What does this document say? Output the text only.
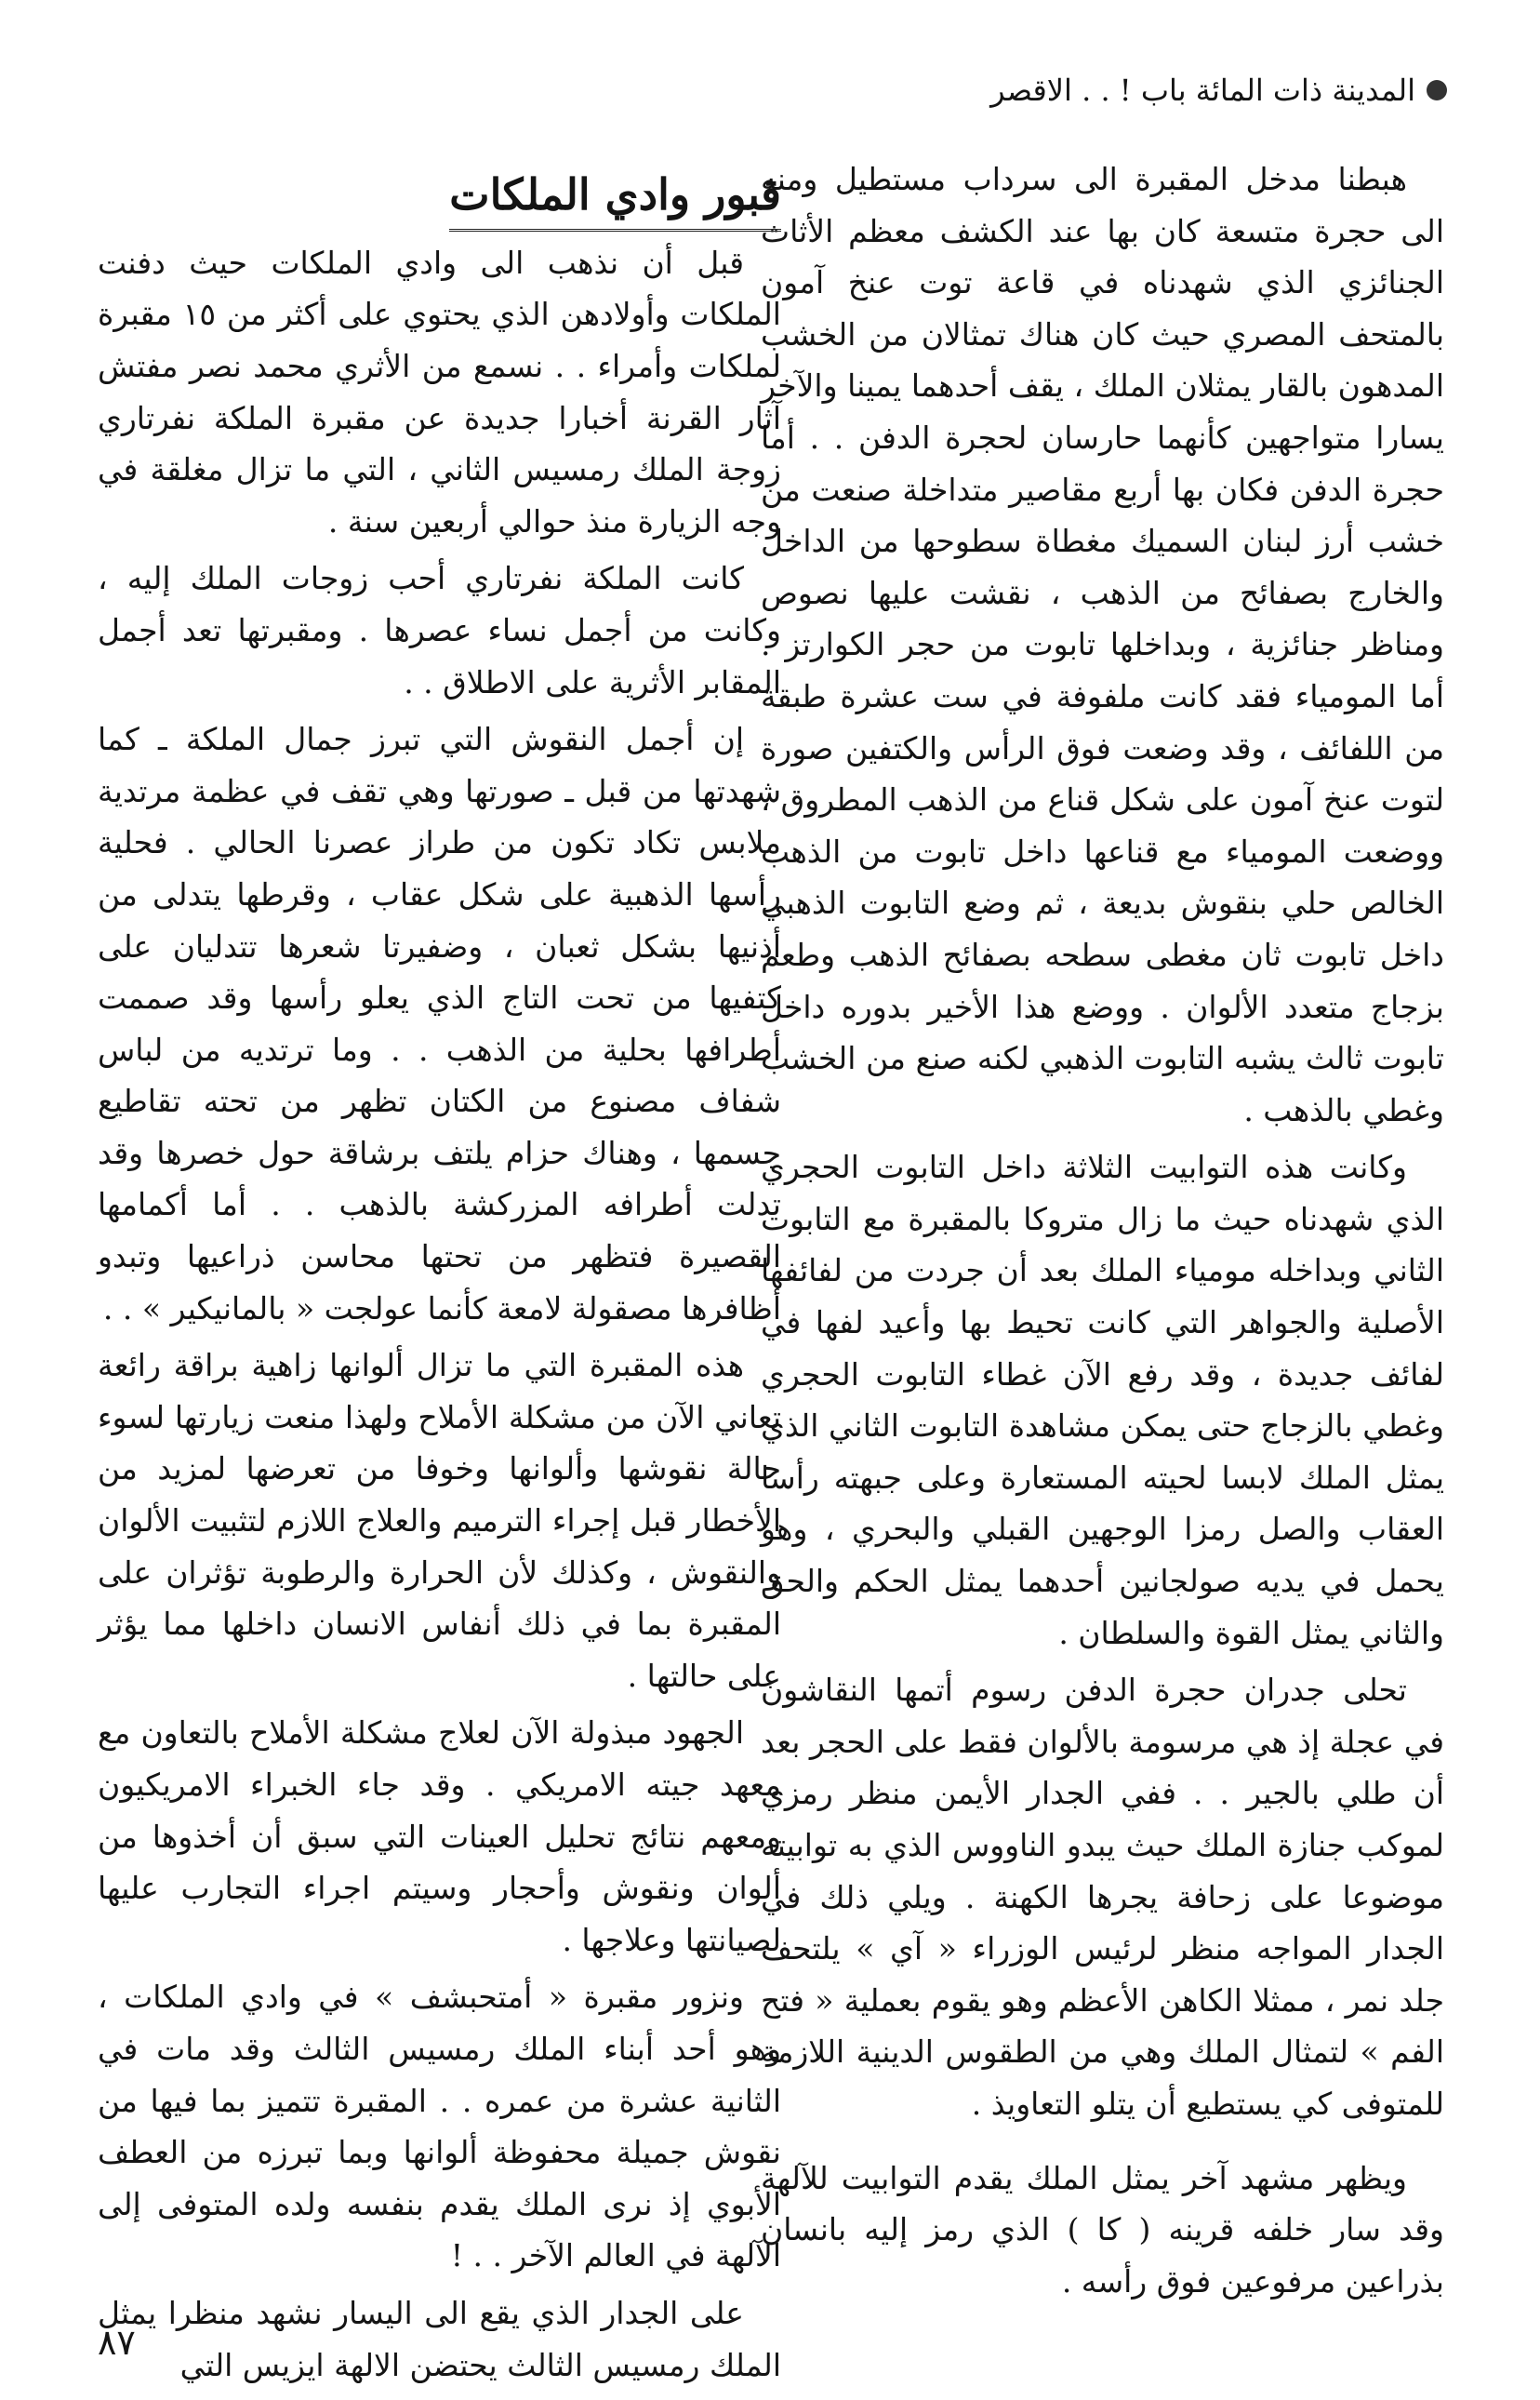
المدينة ذات المائة باب ! . . الاقصر

هبطنا مدخل المقبرة الى سرداب مستطيل ومنه الى حجرة متسعة كان بها عند الكشف معظم الأثاث الجنائزي الذي شهدناه في قاعة توت عنخ آمون بالمتحف المصري حيث كان هناك تمثالان من الخشب المدهون بالقار يمثلان الملك ، يقف أحدهما يمينا والآخر يسارا متواجهين كأنهما حارسان لحجرة الدفن . . أما حجرة الدفن فكان بها أربع مقاصير متداخلة صنعت من خشب أرز لبنان السميك مغطاة سطوحها من الداخل والخارج بصفائح من الذهب ، نقشت عليها نصوص ومناظر جنائزية ، وبداخلها تابوت من حجر الكوارتز . أما المومياء فقد كانت ملفوفة في ست عشرة طبقة من اللفائف ، وقد وضعت فوق الرأس والكتفين صورة لتوت عنخ آمون على شكل قناع من الذهب المطروق ، ووضعت المومياء مع قناعها داخل تابوت من الذهب الخالص حلي بنقوش بديعة ، ثم وضع التابوت الذهبي داخل تابوت ثان مغطى سطحه بصفائح الذهب وطعم بزجاج متعدد الألوان . ووضع هذا الأخير بدوره داخل تابوت ثالث يشبه التابوت الذهبي لكنه صنع من الخشب وغطي بالذهب .

وكانت هذه التوابيت الثلاثة داخل التابوت الحجري الذي شهدناه حيث ما زال متروكا بالمقبرة مع التابوت الثاني وبداخله مومياء الملك بعد أن جردت من لفائفها الأصلية والجواهر التي كانت تحيط بها وأعيد لفها في لفائف جديدة ، وقد رفع الآن غطاء التابوت الحجري وغطي بالزجاج حتى يمكن مشاهدة التابوت الثاني الذي يمثل الملك لابسا لحيته المستعارة وعلى جبهته رأسا العقاب والصل رمزا الوجهين القبلي والبحري ، وهو يحمل في يديه صولجانين أحدهما يمثل الحكم والحق والثاني يمثل القوة والسلطان .

تحلى جدران حجرة الدفن رسوم أتمها النقاشون في عجلة إذ هي مرسومة بالألوان فقط على الحجر بعد أن طلي بالجير . . ففي الجدار الأيمن منظر رمزي لموكب جنازة الملك حيث يبدو الناووس الذي به توابيته موضوعا على زحافة يجرها الكهنة . ويلي ذلك في الجدار المواجه منظر لرئيس الوزراء « آي » يلتحف جلد نمر ، ممثلا الكاهن الأعظم وهو يقوم بعملية « فتح الفم » لتمثال الملك وهي من الطقوس الدينية اللازمة للمتوفى كي يستطيع أن يتلو التعاويذ .

ويظهر مشهد آخر يمثل الملك يقدم التوابيت للآلهة وقد سار خلفه قرينه ( كا ) الذي رمز إليه بانسان بذراعين مرفوعين فوق رأسه .

قبور وادي الملكات

قبل أن نذهب الى وادي الملكات حيث دفنت الملكات وأولادهن الذي يحتوي على أكثر من ١٥ مقبرة لملكات وأمراء . . نسمع من الأثري محمد نصر مفتش آثار القرنة أخبارا جديدة عن مقبرة الملكة نفرتاري زوجة الملك رمسيس الثاني ، التي ما تزال مغلقة في وجه الزيارة منذ حوالي أربعين سنة .

كانت الملكة نفرتاري أحب زوجات الملك إليه ، وكانت من أجمل نساء عصرها . ومقبرتها تعد أجمل المقابر الأثرية على الاطلاق . .

إن أجمل النقوش التي تبرز جمال الملكة ـ كما شهدتها من قبل ـ صورتها وهي تقف في عظمة مرتدية ملابس تكاد تكون من طراز عصرنا الحالي . فحلية رأسها الذهبية على شكل عقاب ، وقرطها يتدلى من أذنيها بشكل ثعبان ، وضفيرتا شعرها تتدليان على كتفيها من تحت التاج الذي يعلو رأسها وقد صممت أطرافها بحلية من الذهب . . وما ترتديه من لباس شفاف مصنوع من الكتان تظهر من تحته تقاطيع جسمها ، وهناك حزام يلتف برشاقة حول خصرها وقد تدلت أطرافه المزركشة بالذهب . . أما أكمامها القصيرة فتظهر من تحتها محاسن ذراعيها وتبدو أظافرها مصقولة لامعة كأنما عولجت « بالمانيكير » . .

هذه المقبرة التي ما تزال ألوانها زاهية براقة رائعة تعاني الآن من مشكلة الأملاح ولهذا منعت زيارتها لسوء حالة نقوشها وألوانها وخوفا من تعرضها لمزيد من الأخطار قبل إجراء الترميم والعلاج اللازم لتثبيت الألوان والنقوش ، وكذلك لأن الحرارة والرطوبة تؤثران على المقبرة بما في ذلك أنفاس الانسان داخلها مما يؤثر على حالتها .

الجهود مبذولة الآن لعلاج مشكلة الأملاح بالتعاون مع معهد جيته الامريكي . وقد جاء الخبراء الامريكيون ومعهم نتائج تحليل العينات التي سبق أن أخذوها من ألوان ونقوش وأحجار وسيتم اجراء التجارب عليها لصيانتها وعلاجها .

ونزور مقبرة « أمتحبشف » في وادي الملكات ، وهو أحد أبناء الملك رمسيس الثالث وقد مات في الثانية عشرة من عمره . . المقبرة تتميز بما فيها من نقوش جميلة محفوظة ألوانها وبما تبرزه من العطف الأبوي إذ نرى الملك يقدم بنفسه ولده المتوفى إلى الآلهة في العالم الآخر . . !

على الجدار الذي يقع الى اليسار نشهد منظرا يمثل الملك رمسيس الثالث يحتضن الالهة ايزيس التي

٨٧
